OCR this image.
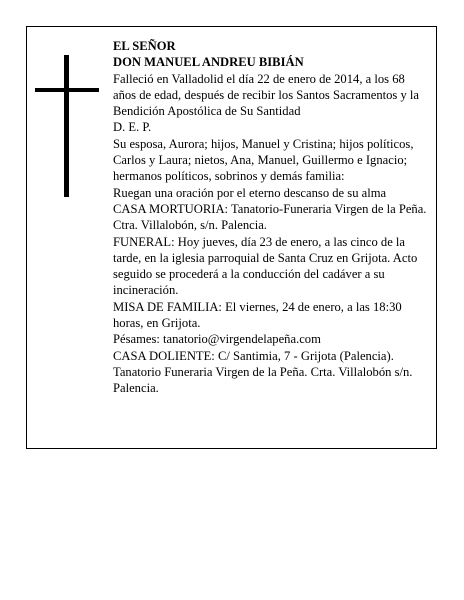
EL SEÑOR

DON MANUEL ANDREU BIBIÁN

Falleció en Valladolid el día 22 de enero de 2014, a los 68 años de edad, después de recibir los Santos Sacramentos y la Bendición Apostólica de Su Santidad

D. E. P.

Su esposa, Aurora; hijos, Manuel y Cristina; hijos políticos, Carlos y Laura; nietos, Ana, Manuel, Guillermo e Ignacio; hermanos políticos, sobrinos y demás familia:

Ruegan una oración por el eterno descanso de su alma

CASA MORTUORIA: Tanatorio-Funeraria Virgen de la Peña. Ctra. Villalobón, s/n. Palencia.

FUNERAL: Hoy jueves, día 23 de enero, a las cinco de la tarde, en la iglesia parroquial de Santa Cruz en Grijota. Acto seguido se procederá a la conducción del cadáver a su incineración.

MISA DE FAMILIA: El viernes, 24 de enero, a las 18:30 horas, en Grijota.

Pésames: tanatorio@virgendelapeña.com

CASA DOLIENTE: C/ Santimia, 7 - Grijota (Palencia). Tanatorio Funeraria Virgen de la Peña. Crta. Villalobón s/n. Palencia.
